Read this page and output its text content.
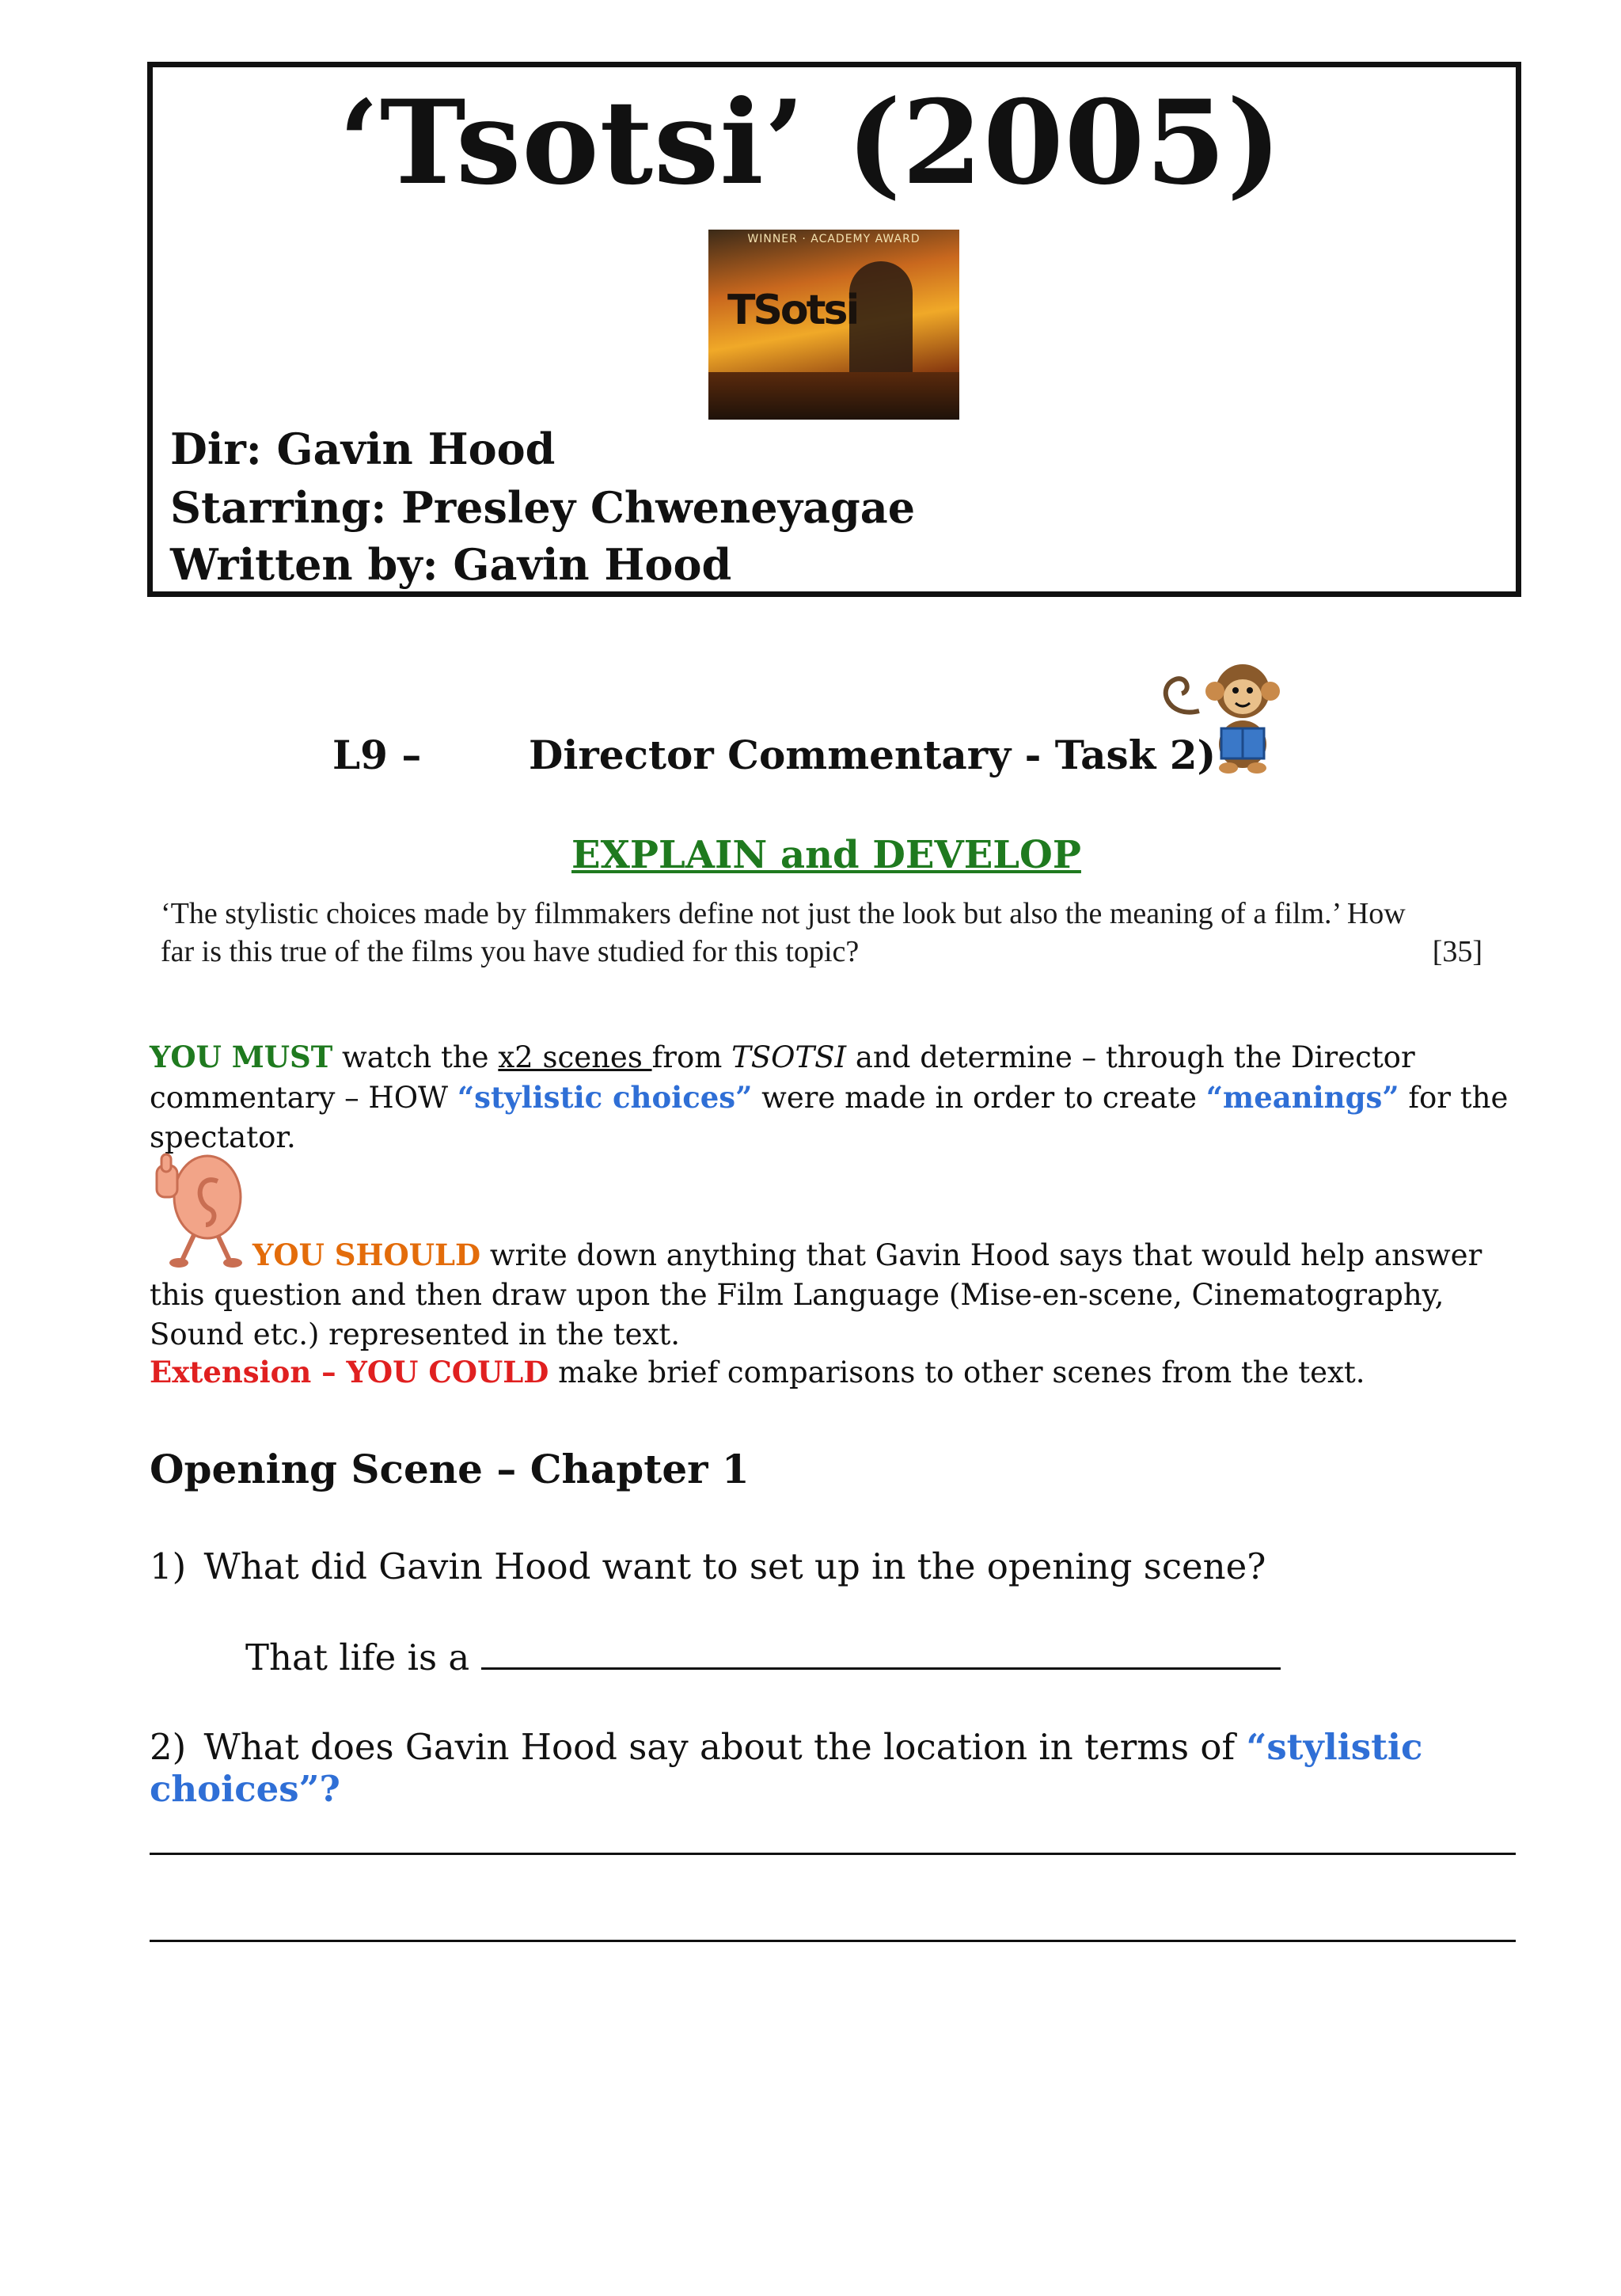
‘Tsotsi’ (2005)
WINNER · ACADEMY AWARD
TSotsi
Dir: Gavin Hood
Starring: Presley Chweneyagae
Written by: Gavin Hood
L9 –	Director Commentary - Task 2)
EXPLAIN and DEVELOP
‘The stylistic choices made by filmmakers define not just the look but also the meaning of a film.’ How far is this true of the films you have studied for this topic?	[35]
YOU MUST watch the x2 scenes from TSOTSI and determine – through the Director commentary – HOW “stylistic choices” were made in order to create “meanings” for the spectator.
YOU SHOULD write down anything that Gavin Hood says that would help answer this question and then draw upon the Film Language (Mise-en-scene, Cinematography, Sound etc.) represented in the text.
Extension – YOU COULD make brief comparisons to other scenes from the text.
Opening Scene – Chapter 1
1) What did Gavin Hood want to set up in the opening scene?
That life is a
2) What does Gavin Hood say about the location in terms of “stylistic choices”?
